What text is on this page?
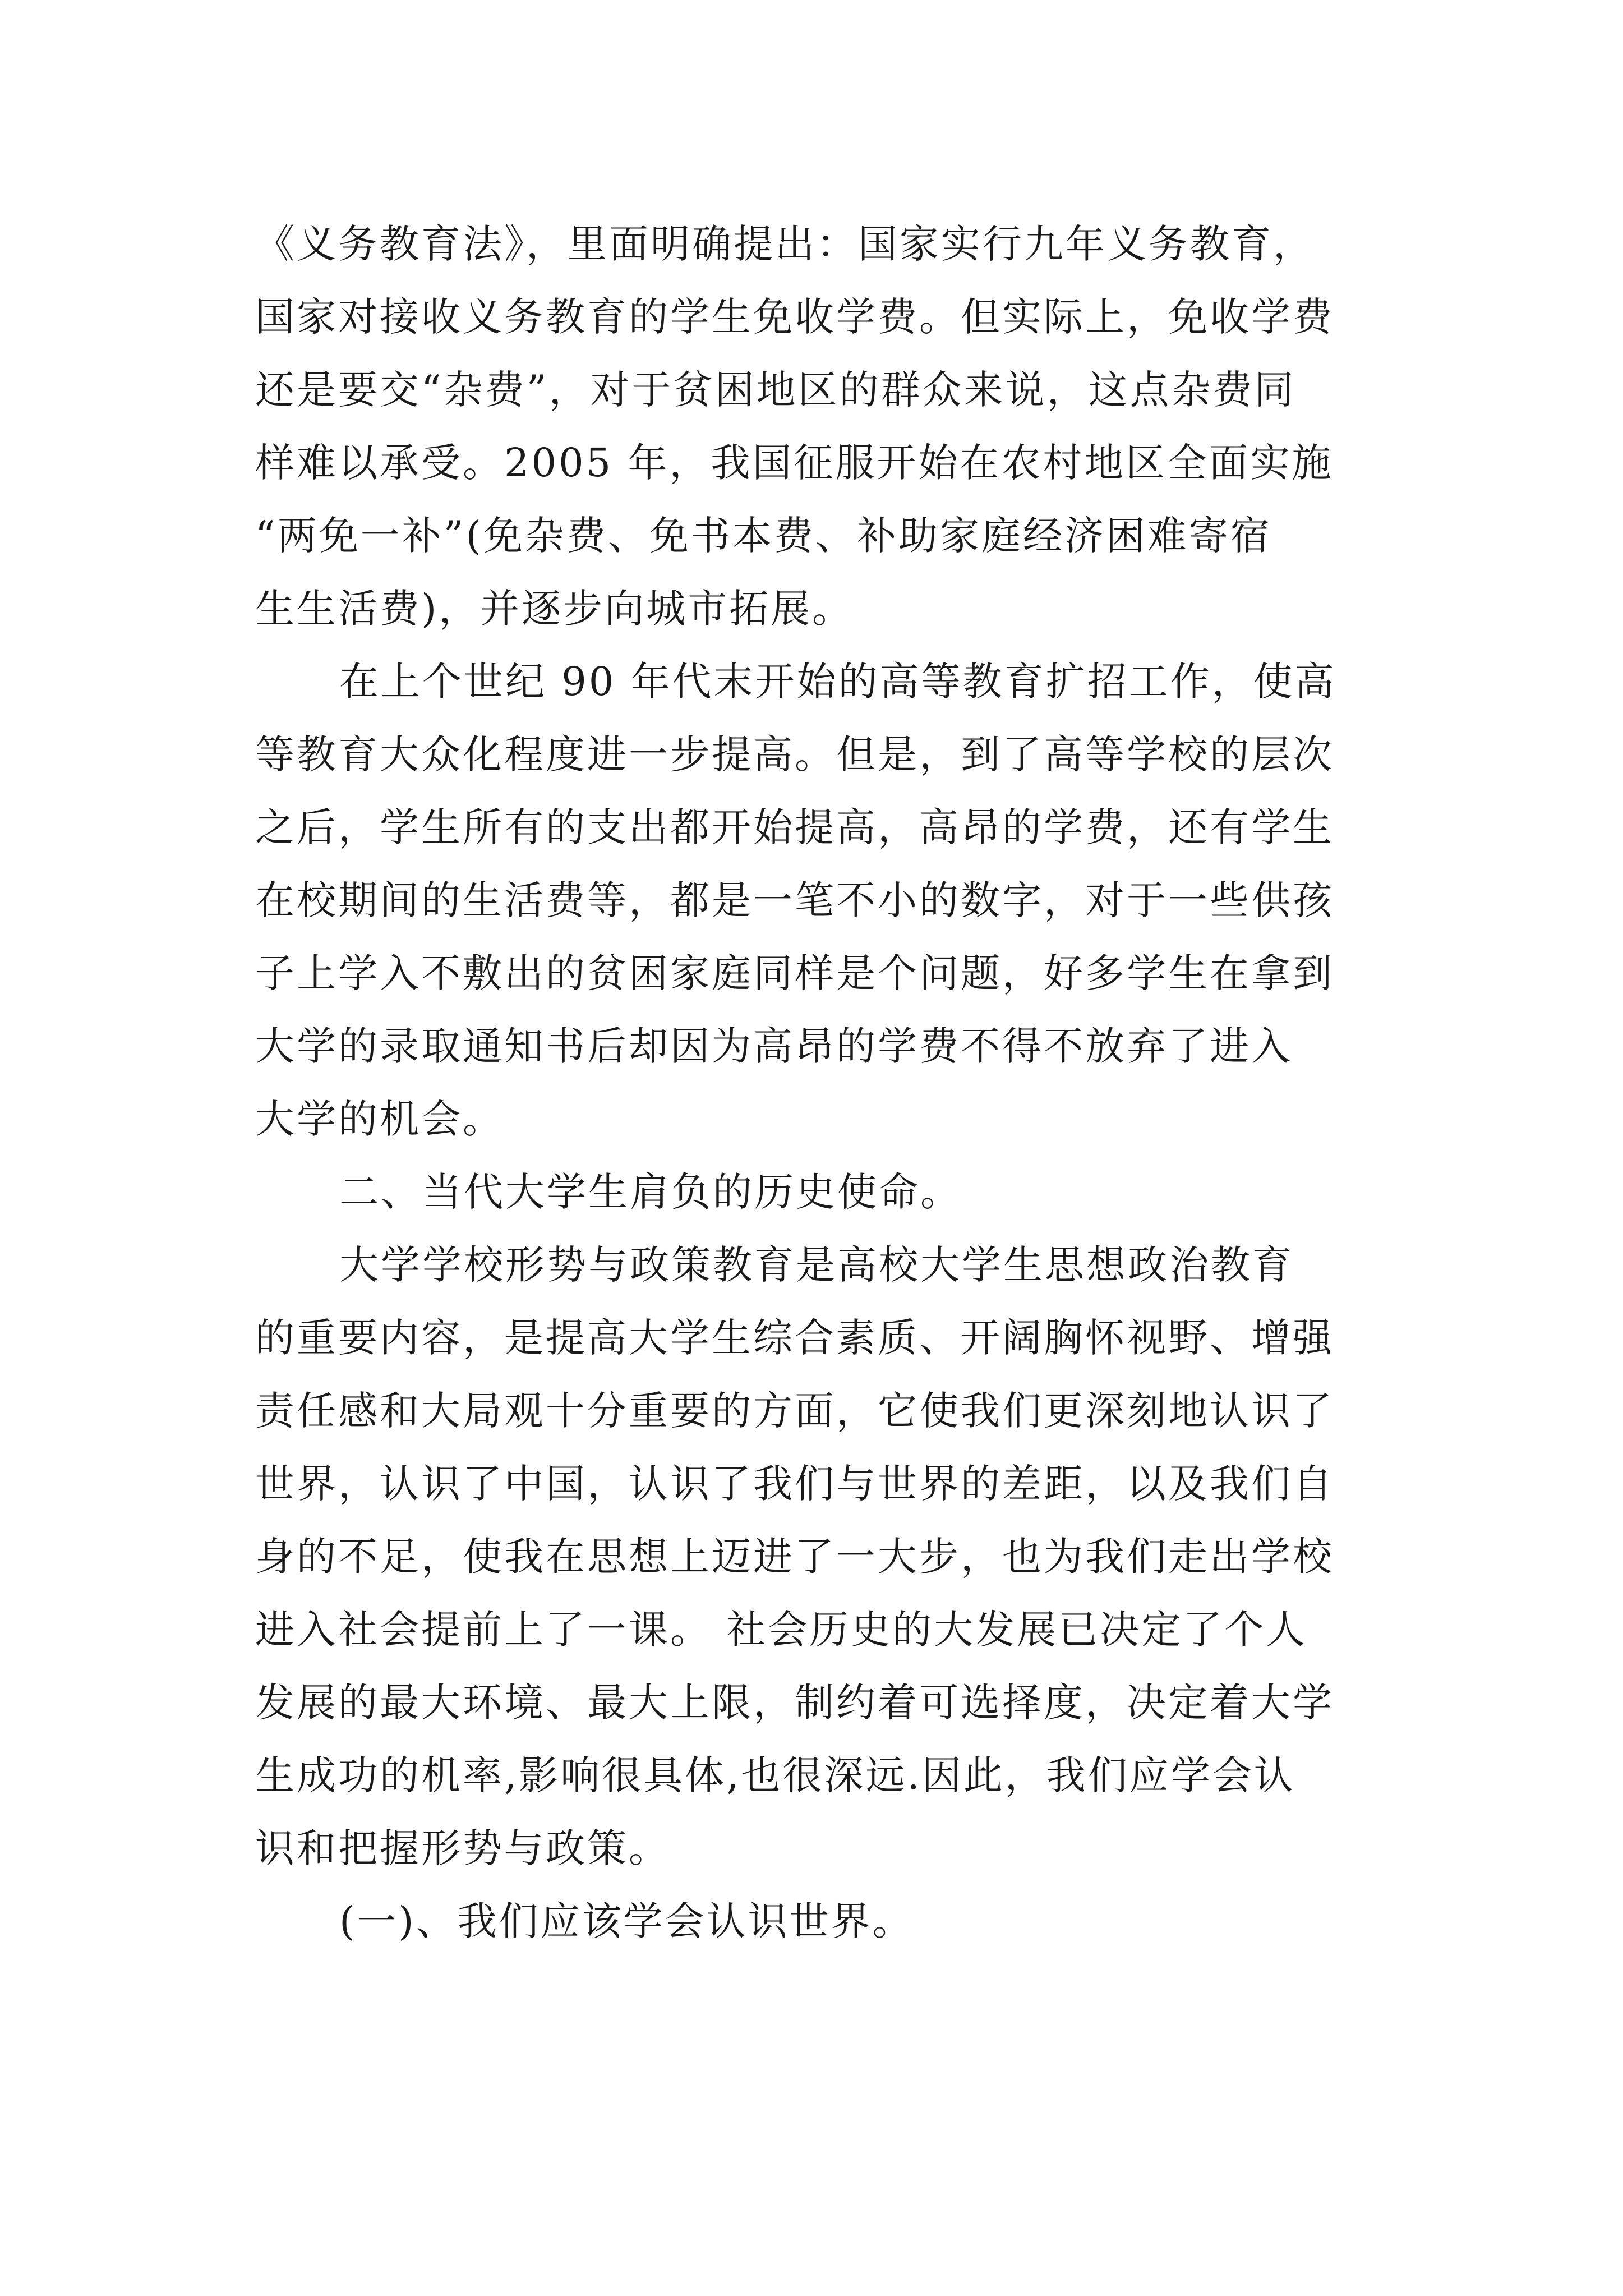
《义务教育法》，里面明确提出：国家实行九年义务教育，
国家对接收义务教育的学生免收学费。但实际上，免收学费
还是要交“杂费”，对于贫困地区的群众来说，这点杂费同
样难以承受。2005 年，我国征服开始在农村地区全面实施
“两免一补”(免杂费、免书本费、补助家庭经济困难寄宿
生生活费)，并逐步向城市拓展。
在上个世纪 90 年代末开始的高等教育扩招工作，使高
等教育大众化程度进一步提高。但是，到了高等学校的层次
之后，学生所有的支出都开始提高，高昂的学费，还有学生
在校期间的生活费等，都是一笔不小的数字，对于一些供孩
子上学入不敷出的贫困家庭同样是个问题，好多学生在拿到
大学的录取通知书后却因为高昂的学费不得不放弃了进入
大学的机会。
二、当代大学生肩负的历史使命。
大学学校形势与政策教育是高校大学生思想政治教育
的重要内容，是提高大学生综合素质、开阔胸怀视野、增强
责任感和大局观十分重要的方面，它使我们更深刻地认识了
世界，认识了中国，认识了我们与世界的差距，以及我们自
身的不足，使我在思想上迈进了一大步，也为我们走出学校
进入社会提前上了一课。 社会历史的大发展已决定了个人
发展的最大环境、最大上限，制约着可选择度，决定着大学
生成功的机率,影响很具体,也很深远.因此，我们应学会认
识和把握形势与政策。
(一)、我们应该学会认识世界。
